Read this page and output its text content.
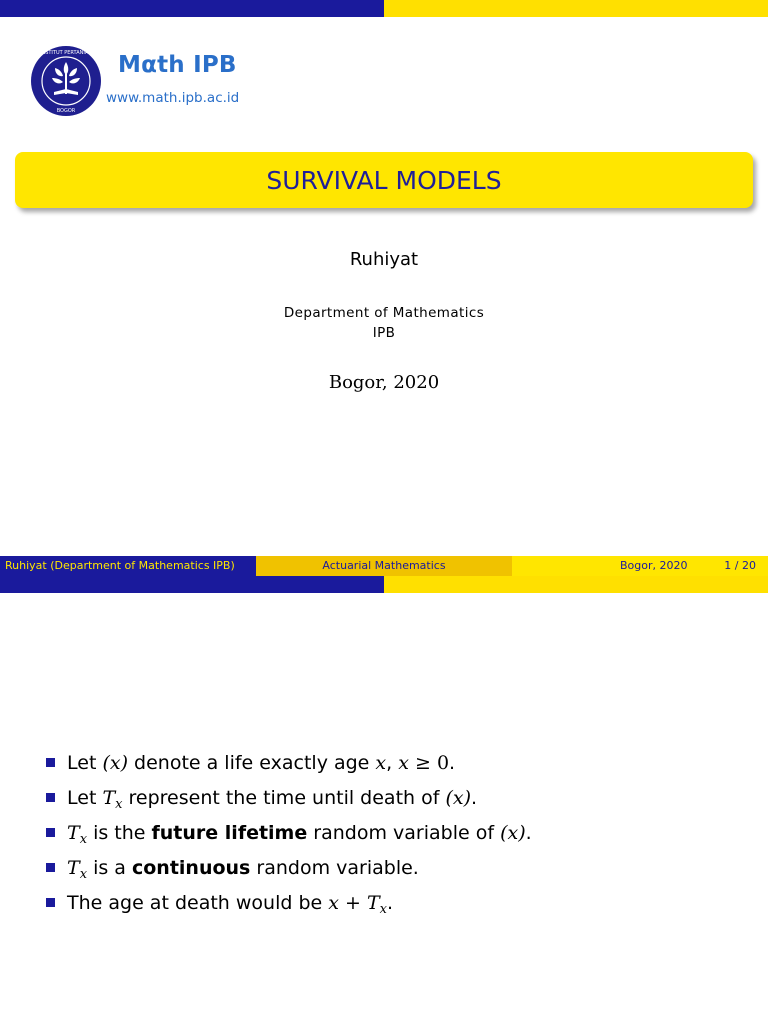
INSTITUT PERTANIAN
BOGOR
Mαth IPB
www.math.ipb.ac.id
SURVIVAL MODELS
Ruhiyat
Department of Mathematics
IPB
Bogor, 2020
Ruhiyat (Department of Mathematics IPB)	Actuarial Mathematics	Bogor, 2020	1 / 20
Let (x) denote a life exactly age x, x ≥ 0.
Let $T_x$ represent the time until death of (x).
$T_x$ is the future lifetime random variable of (x).
$T_x$ is a continuous random variable.
The age at death would be $x + T_x$.
